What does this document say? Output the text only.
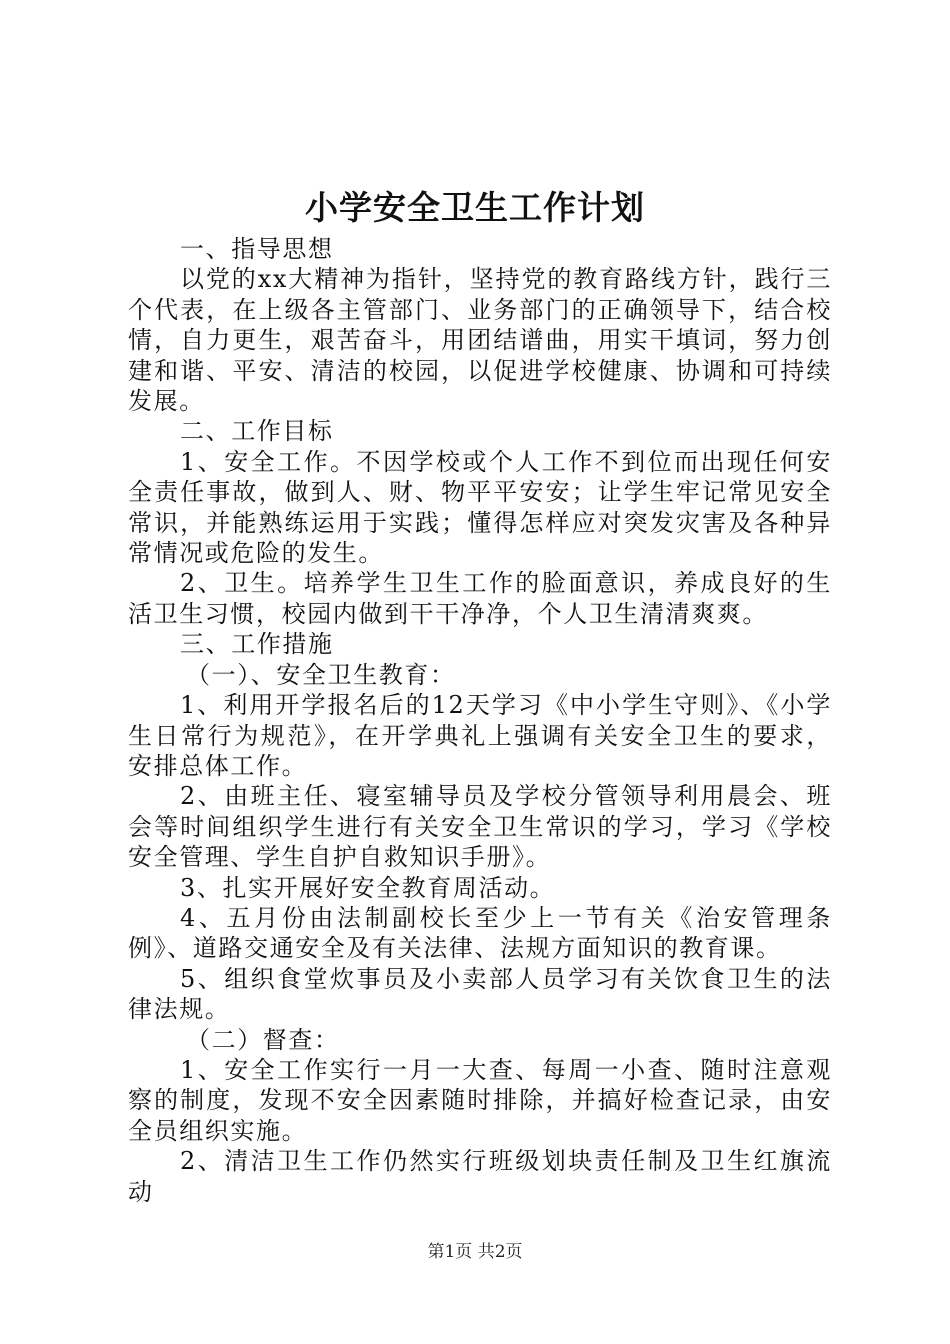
小学安全卫生工作计划

一、指导思想

以党的xx大精神为指针，坚持党的教育路线方针，践行三个代表，在上级各主管部门、业务部门的正确领导下，结合校情，自力更生，艰苦奋斗，用团结谱曲，用实干填词，努力创建和谐、平安、清洁的校园，以促进学校健康、协调和可持续发展。

二、工作目标

1、安全工作。不因学校或个人工作不到位而出现任何安全责任事故，做到人、财、物平平安安；让学生牢记常见安全常识，并能熟练运用于实践；懂得怎样应对突发灾害及各种异常情况或危险的发生。

2、卫生。培养学生卫生工作的脸面意识，养成良好的生活卫生习惯，校园内做到干干净净，个人卫生清清爽爽。

三、工作措施

（一）、安全卫生教育：

1、利用开学报名后的12天学习《中小学生守则》、《小学生日常行为规范》，在开学典礼上强调有关安全卫生的要求，安排总体工作。

2、由班主任、寝室辅导员及学校分管领导利用晨会、班会等时间组织学生进行有关安全卫生常识的学习，学习《学校安全管理、学生自护自救知识手册》。

3、扎实开展好安全教育周活动。

4、五月份由法制副校长至少上一节有关《治安管理条例》、道路交通安全及有关法律、法规方面知识的教育课。

5、组织食堂炊事员及小卖部人员学习有关饮食卫生的法律法规。

（二）督查：

1、安全工作实行一月一大查、每周一小查、随时注意观察的制度，发现不安全因素随时排除，并搞好检查记录，由安全员组织实施。

2、清洁卫生工作仍然实行班级划块责任制及卫生红旗流动

第1页 共2页
